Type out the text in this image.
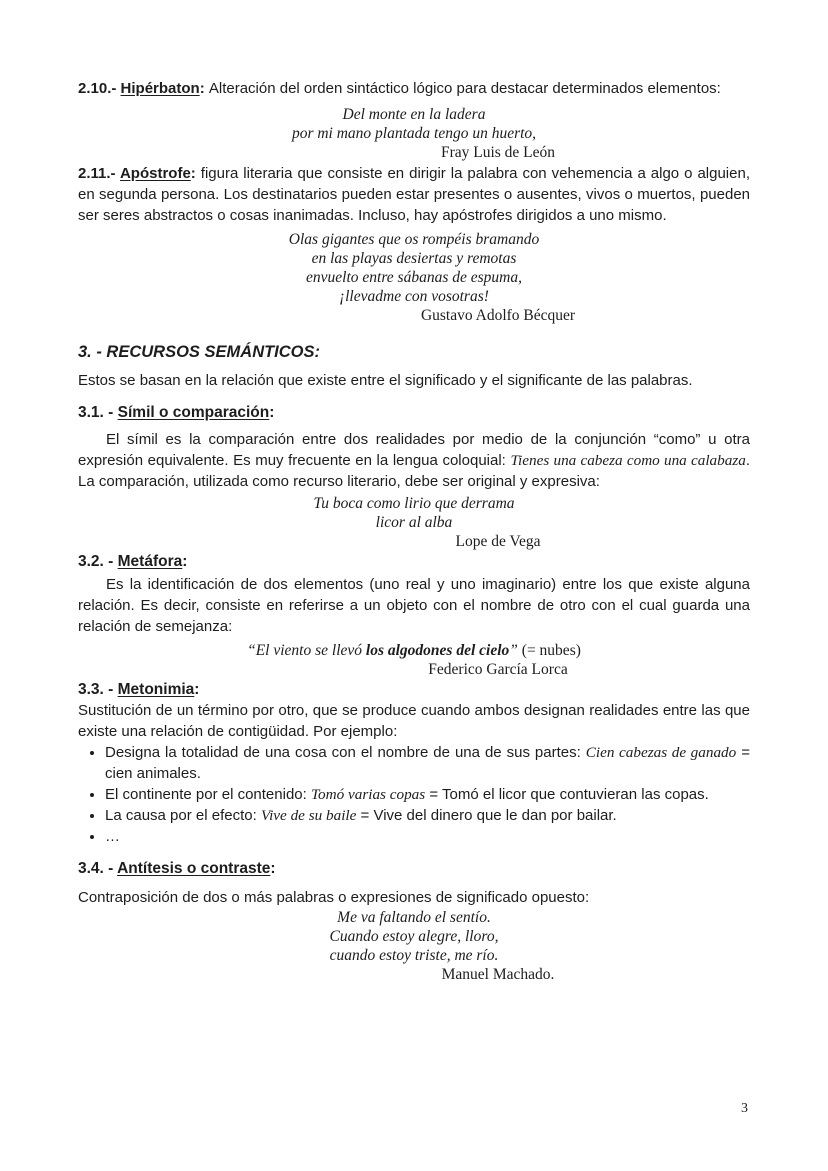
2.10.- Hipérbaton: Alteración del orden sintáctico lógico para destacar determinados elementos:

Del monte en la ladera
por mi mano plantada tengo un huerto,
Fray Luis de León

2.11.- Apóstrofe: figura literaria que consiste en dirigir la palabra con vehemencia a algo o alguien, en segunda persona. Los destinatarios pueden estar presentes o ausentes, vivos o muertos, pueden ser seres abstractos o cosas inanimadas. Incluso, hay apóstrofes dirigidos a uno mismo.

Olas gigantes que os rompéis bramando
en las playas desiertas y remotas
envuelto entre sábanas de espuma,
¡llevadme con vosotras!
Gustavo Adolfo Bécquer
3. - RECURSOS SEMÁNTICOS:

Estos se basan en la relación que existe entre el significado y el significante de las palabras.

3.1. - Símil o comparación:

El símil es la comparación entre dos realidades por medio de la conjunción “como” u otra expresión equivalente. Es muy frecuente en la lengua coloquial: Tienes una cabeza como una calabaza. La comparación, utilizada como recurso literario, debe ser original y expresiva:

Tu boca como lirio que derrama
licor al alba
Lope de Vega
3.2. - Metáfora:

Es la identificación de dos elementos (uno real y uno imaginario) entre los que existe alguna relación. Es decir, consiste en referirse a un objeto con el nombre de otro con el cual guarda una relación de semejanza:

“El viento se llevó los algodones del cielo” (= nubes)
Federico García Lorca
3.3. - Metonimia:

Sustitución de un término por otro, que se produce cuando ambos designan realidades entre las que existe una relación de contigüidad. Por ejemplo:

• Designa la totalidad de una cosa con el nombre de una de sus partes: Cien cabezas de ganado = cien animales.
• El continente por el contenido: Tomó varias copas = Tomó el licor que contuvieran las copas.
• La causa por el efecto: Vive de su baile = Vive del dinero que le dan por bailar.
• …
3.4. - Antítesis o contraste:

Contraposición de dos o más palabras o expresiones de significado opuesto:

Me va faltando el sentío.
Cuando estoy alegre, lloro,
cuando estoy triste, me río.
Manuel Machado.
3
